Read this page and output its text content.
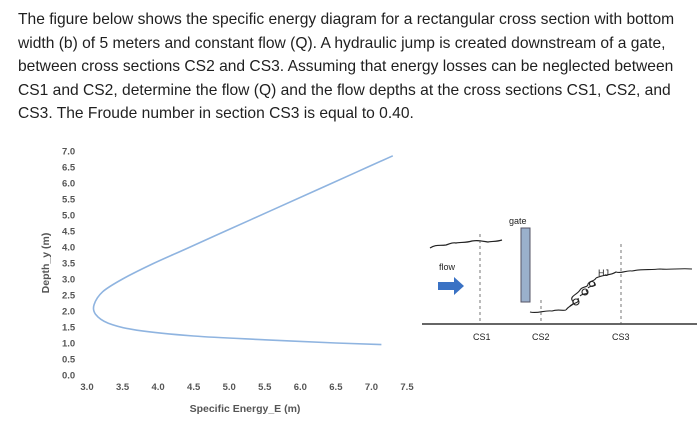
The figure below shows the specific energy diagram for a rectangular cross section with bottom width (b) of 5 meters and constant flow (Q). A hydraulic jump is created downstream of a gate, between cross sections CS2 and CS3. Assuming that energy losses can be neglected between CS1 and CS2, determine the flow (Q) and the flow depths at the cross sections CS1, CS2, and CS3. The Froude number in section CS3 is equal to 0.40.

0.0
0.5
1.0
1.5
2.0
2.5
3.0
3.5
4.0
4.5
5.0
5.5
6.0
6.5
7.0
3.0 3.5 4.0 4.5 5.0 5.5 6.0 6.5 7.0 7.5
Depth_y (m)
Specific Energy_E (m)
gate
flow
HJ
CS1	CS2	CS3
